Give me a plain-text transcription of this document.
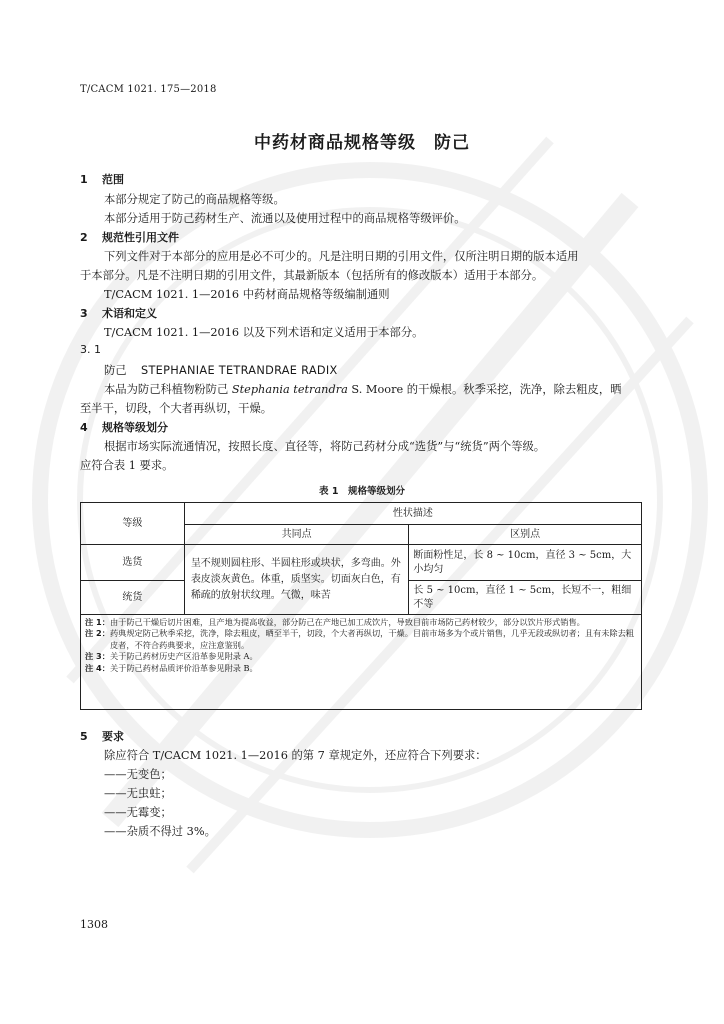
T/CACM 1021. 175—2018
中药材商品规格等级　防己
1 范围
本部分规定了防己的商品规格等级。
本部分适用于防己药材生产、流通以及使用过程中的商品规格等级评价。
2 规范性引用文件
下列文件对于本部分的应用是必不可少的。凡是注明日期的引用文件，仅所注明日期的版本适用
于本部分。凡是不注明日期的引用文件，其最新版本（包括所有的修改版本）适用于本部分。
T/CACM 1021. 1—2016 中药材商品规格等级编制通则
3 术语和定义
T/CACM 1021. 1—2016 以及下列术语和定义适用于本部分。
3. 1
防己 STEPHANIAE TETRANDRAE RADIX
本品为防己科植物粉防己 Stephania tetrandra S. Moore 的干燥根。秋季采挖，洗净，除去粗皮，晒
至半干，切段，个大者再纵切，干燥。
4 规格等级划分
根据市场实际流通情况，按照长度、直径等，将防己药材分成“选货”与“统货”两个等级。
应符合表 1 要求。
表 1　规格等级划分
等级	性状描述	
	共同点	区别点
选货	呈不规则圆柱形、半圆柱形或块状，多弯曲。外表皮淡灰黄色。体重，质坚实。切面灰白色，有稀疏的放射状纹理。气微，味苦	断面粉性足，长 8 ~ 10cm，直径 3 ~ 5cm，大小均匀
统货		长 5 ~ 10cm，直径 1 ~ 5cm，长短不一，粗细不等
注 1： 由于防己干燥后切片困难，且产地为提高收益，部分防己在产地已加工成饮片，导致目前市场防己药材较少，部分以饮片形式销售。
注 2： 药典规定防己秋季采挖，洗净，除去粗皮，晒至半干，切段，个大者再纵切，干燥。目前市场多为个或片销售，几乎无段或纵切者；且有未除去粗皮者，不符合药典要求，应注意鉴别。
注 3： 关于防己药材历史产区沿革参见附录 A。
注 4： 关于防己药材品质评价沿革参见附录 B。
5 要求
除应符合 T/CACM 1021. 1—2016 的第 7 章规定外，还应符合下列要求：
——无变色；
——无虫蛀；
——无霉变；
——杂质不得过 3%。
1308
